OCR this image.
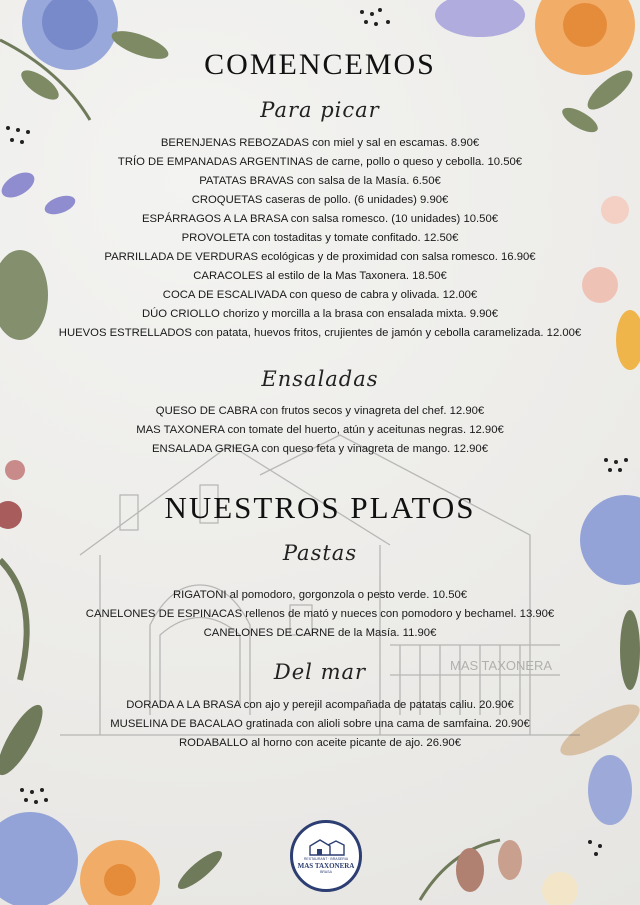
MAS TAXONERA
COMENCEMOS
Para picar
BERENJENAS REBOZADAS con miel y sal en escamas. 8.90€
TRÍO DE EMPANADAS ARGENTINAS de carne, pollo o queso y cebolla. 10.50€
PATATAS BRAVAS con salsa de la Masía. 6.50€
CROQUETAS caseras de pollo. (6 unidades) 9.90€
ESPÁRRAGOS A LA BRASA con salsa romesco. (10 unidades) 10.50€
PROVOLETA con tostaditas y tomate confitado. 12.50€
PARRILLADA DE VERDURAS ecológicas y de proximidad con salsa romesco. 16.90€
CARACOLES al estilo de la Mas Taxonera. 18.50€
COCA DE ESCALIVADA con queso de cabra y olivada. 12.00€
DÚO CRIOLLO chorizo y morcilla a la brasa con ensalada mixta. 9.90€
HUEVOS ESTRELLADOS con patata, huevos fritos, crujientes de jamón y cebolla caramelizada. 12.00€
Ensaladas
QUESO DE CABRA con frutos secos y vinagreta del chef. 12.90€
MAS TAXONERA con tomate del huerto, atún y aceitunas negras. 12.90€
ENSALADA GRIEGA con queso feta y vinagreta de mango. 12.90€
NUESTROS PLATOS
Pastas
RIGATONI al pomodoro, gorgonzola o pesto verde. 10.50€
CANELONES DE ESPINACAS rellenos de mató y nueces con pomodoro y bechamel. 13.90€
CANELONES DE CARNE de la Masía. 11.90€
Del mar
DORADA A LA BRASA con ajo y perejil acompañada de patatas caliu. 20.90€
MUSELINA DE BACALAO gratinada con alioli sobre una cama de samfaina. 20.90€
RODABALLO al horno con aceite picante de ajo. 26.90€
RESTAURANT · BRASERIA
MAS TAXONERA
BRASA
